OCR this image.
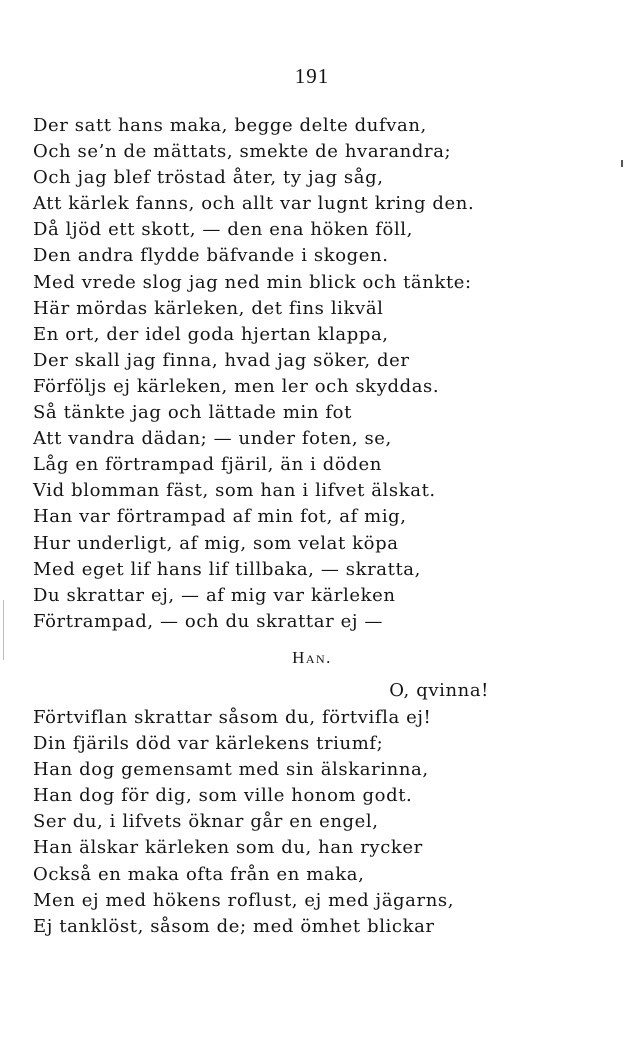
191
Der satt hans maka, begge delte dufvan,
Och se’n de mättats, smekte de hvarandra;
Och jag blef tröstad åter, ty jag såg,
Att kärlek fanns, och allt var lugnt kring den.
Då ljöd ett skott, — den ena höken föll,
Den andra flydde bäfvande i skogen.
Med vrede slog jag ned min blick och tänkte:
Här mördas kärleken, det fins likväl
En ort, der idel goda hjertan klappa,
Der skall jag finna, hvad jag söker, der
Förföljs ej kärleken, men ler och skyddas.
Så tänkte jag och lättade min fot
Att vandra dädan; — under foten, se,
Låg en förtrampad fjäril, än i döden
Vid blomman fäst, som han i lifvet älskat.
Han var förtrampad af min fot, af mig,
Hur underligt, af mig, som velat köpa
Med eget lif hans lif tillbaka, — skratta,
Du skrattar ej, — af mig var kärleken
Förtrampad, — och du skrattar ej —
Han.
O, qvinna!
Förtviflan skrattar såsom du, förtvifla ej!
Din fjärils död var kärlekens triumf;
Han dog gemensamt med sin älskarinna,
Han dog för dig, som ville honom godt.
Ser du, i lifvets öknar går en engel,
Han älskar kärleken som du, han rycker
Också en maka ofta från en maka,
Men ej med hökens roflust, ej med jägarns,
Ej tanklöst, såsom de; med ömhet blickar
